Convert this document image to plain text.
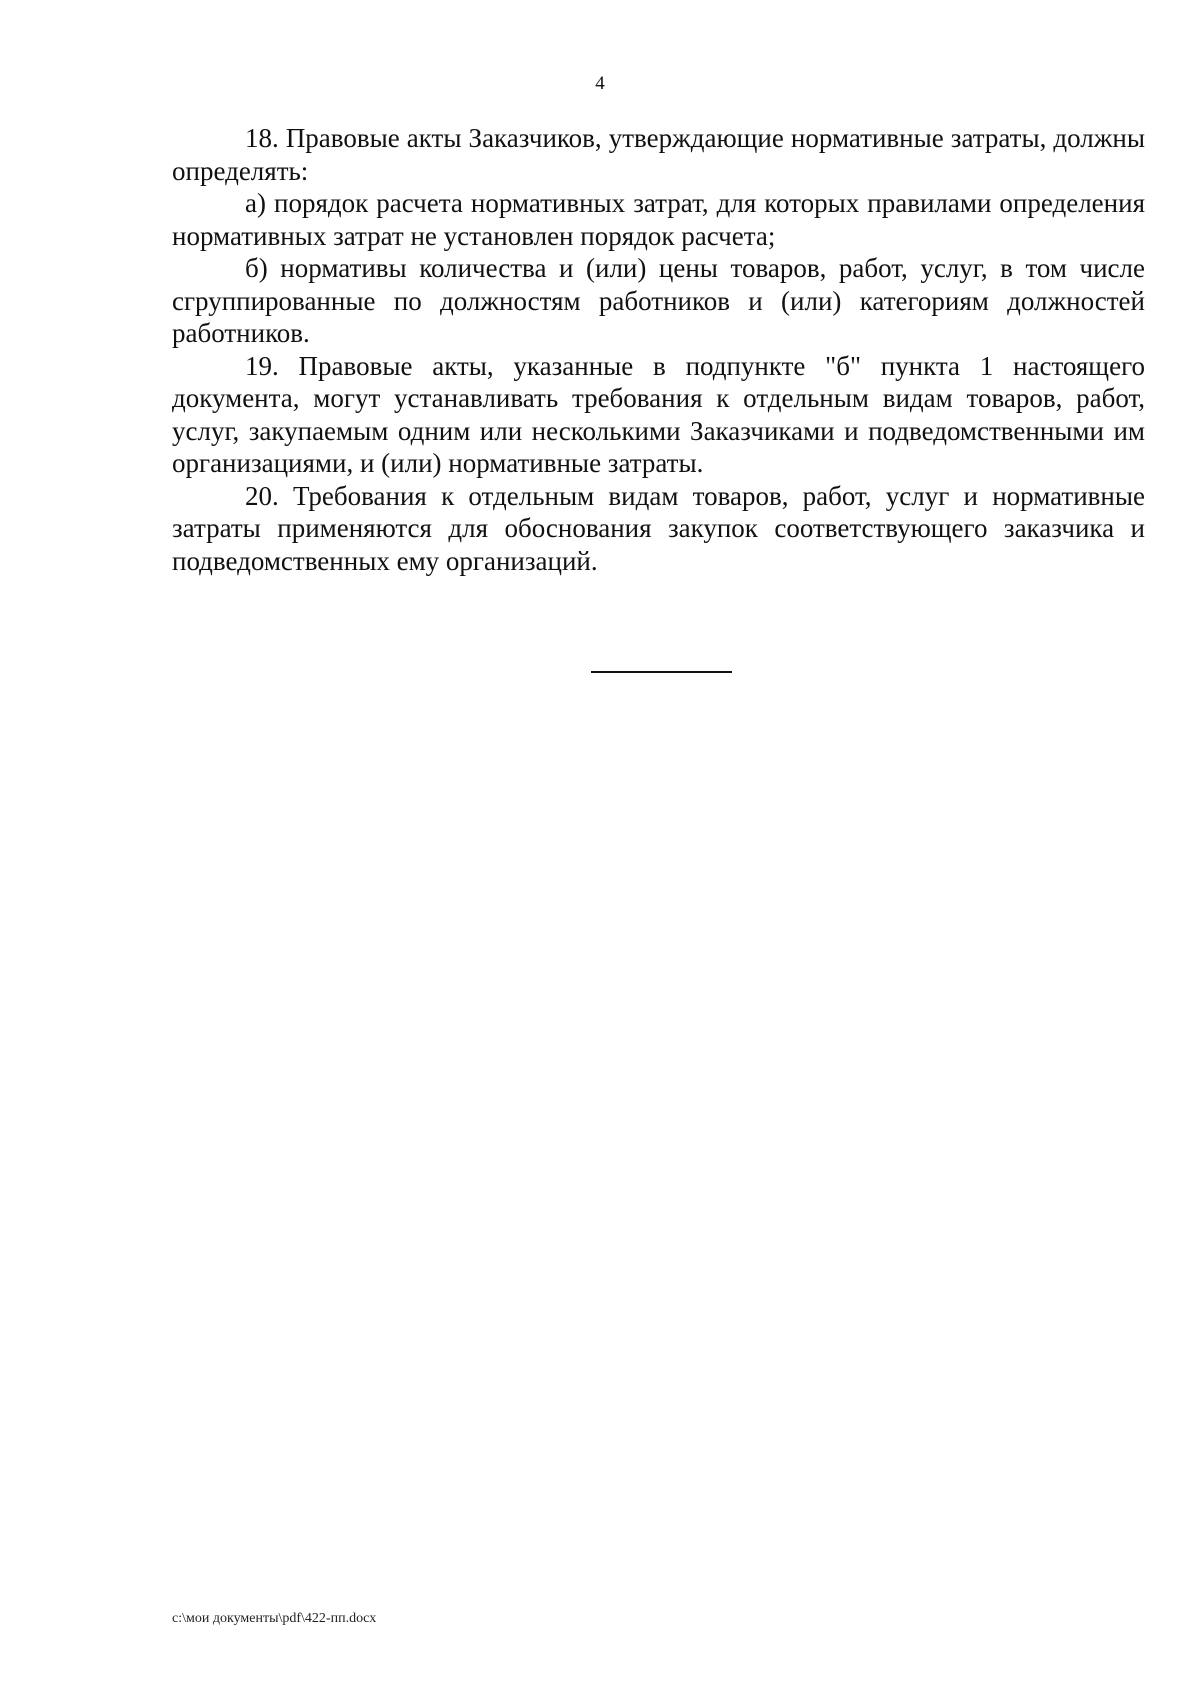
4

18. Правовые акты Заказчиков, утверждающие нормативные затраты, должны определять:

а) порядок расчета нормативных затрат, для которых правилами определения нормативных затрат не установлен порядок расчета;

б) нормативы количества и (или) цены товаров, работ, услуг, в том числе сгруппированные по должностям работников и (или) категориям должностей работников.

19. Правовые акты, указанные в подпункте "б" пункта 1 настоящего документа, могут устанавливать требования к отдельным видам товаров, работ, услуг, закупаемым одним или несколькими Заказчиками и подведомственными им организациями, и (или) нормативные затраты.

20. Требования к отдельным видам товаров, работ, услуг и нормативные затраты применяются для обоснования закупок соответствующего заказчика и подведомственных ему организаций.

c:\мои документы\pdf\422-пп.docx
